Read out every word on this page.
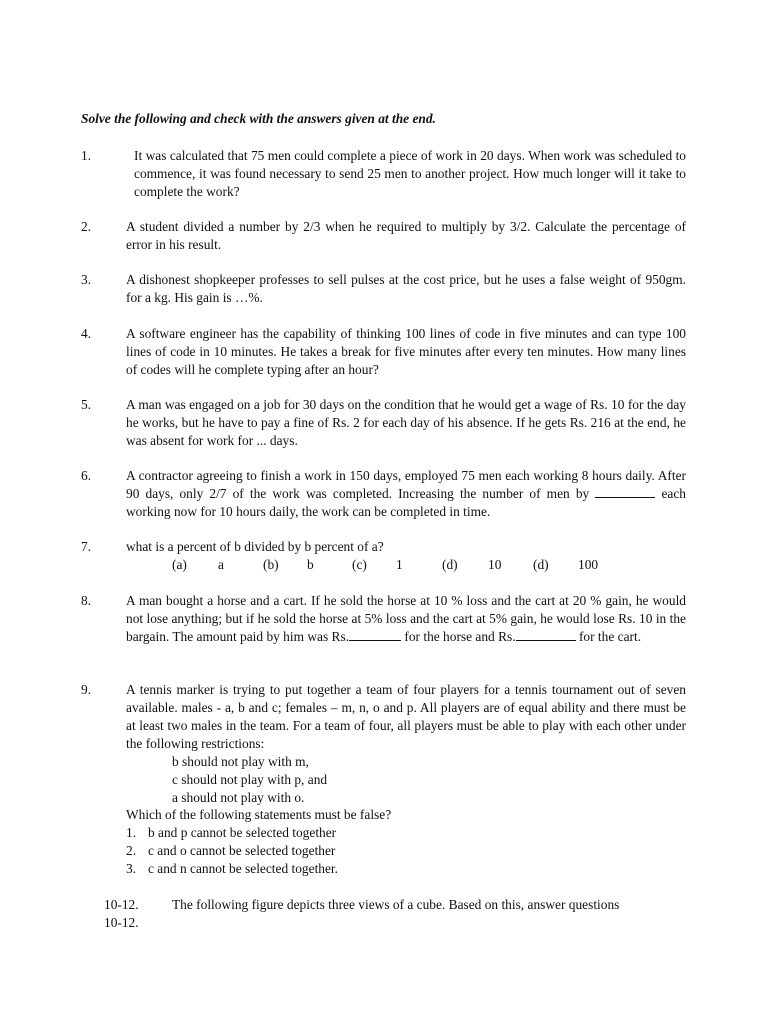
Solve the following and check with the answers given at the end.
1.	It was calculated that 75 men could complete a piece of work in 20 days. When work was scheduled to commence, it was found necessary to send 25 men to another project. How much longer will it take to complete the work?
2.	A student divided a number by 2/3 when he required to multiply by 3/2. Calculate the percentage of error in his result.
3.	A dishonest shopkeeper professes to sell pulses at the cost price, but he uses a false weight of 950gm. for a kg. His gain is …%.
4.	A software engineer has the capability of thinking 100 lines of code in five minutes and can type 100 lines of code in 10 minutes. He takes a break for five minutes after every ten minutes. How many lines of codes will he complete typing after an hour?
5.	A man was engaged on a job for 30 days on the condition that he would get a wage of Rs. 10 for the day he works, but he have to pay a fine of Rs. 2 for each day of his absence. If he gets Rs. 216 at the end, he was absent for work for ... days.
6.	A contractor agreeing to finish a work in 150 days, employed 75 men each working 8 hours daily. After 90 days, only 2/7 of the work was completed. Increasing the number of men by	each working now for 10 hours daily, the work can be completed in time.
7.	what is a percent of b divided by b percent of a?
(a) a	(b) b	(c) 1	(d) 10 (d) 100
8.	A man bought a horse and a cart. If he sold the horse at 10 % loss and the cart at 20 % gain, he would not lose anything; but if he sold the horse at 5% loss and the cart at 5% gain, he would lose Rs. 10 in the bargain. The amount paid by him was Rs.	for the horse and Rs.	for the cart.
9.	A tennis marker is trying to put together a team of four players for a tennis tournament out of seven available. males - a, b and c; females – m, n, o and p. All players are of equal ability and there must be at least two males in the team. For a team of four, all players must be able to play with each other under the following restrictions:
b should not play with m,
c should not play with p, and
a should not play with o.
Which of the following statements must be false?
1. b and p cannot be selected together
2. c and o cannot be selected together
3. c and n cannot be selected together.
10-12. The following figure depicts three views of a cube. Based on this, answer questions
10-12.
